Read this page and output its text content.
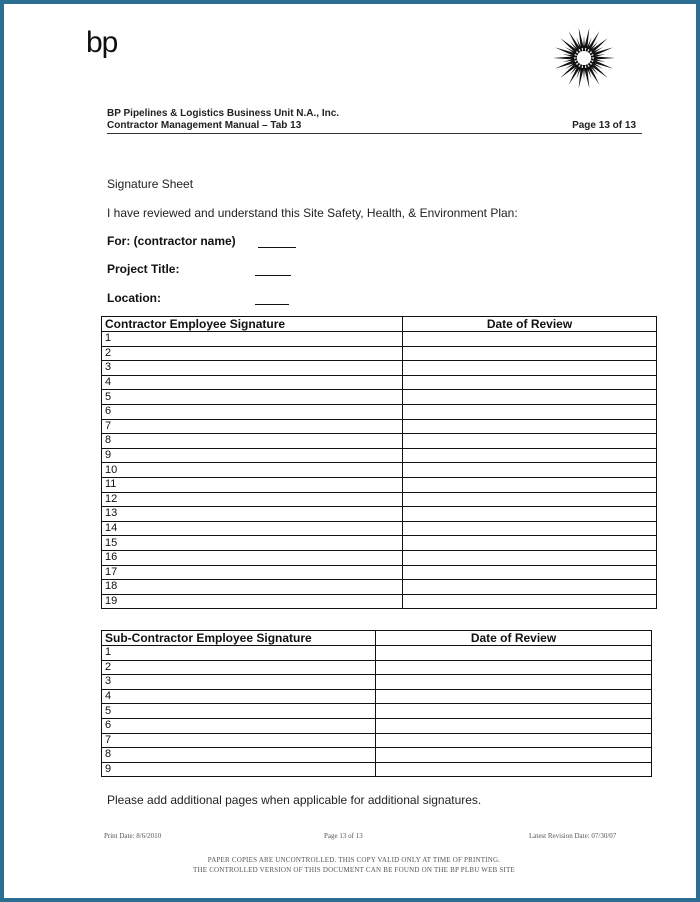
bp
BP Pipelines & Logistics Business Unit N.A., Inc.
Contractor Management Manual – Tab 13	Page 13 of 13
Signature Sheet
I have reviewed and understand this Site Safety, Health, & Environment Plan:
For: (contractor name)
Project Title:
Location:
Contractor Employee Signature	Date of Review
1	
2	
3	
4	
5	
6	
7	
8	
9	
10	
11	
12	
13	
14	
15	
16	
17	
18	
19	
Sub-Contractor Employee Signature	Date of Review
1	
2	
3	
4	
5	
6	
7	
8	
9	
Please add additional pages when applicable for additional signatures.
Print Date: 8/6/2010	Page 13 of 13	Latest Revision Date: 07/30/07
PAPER COPIES ARE UNCONTROLLED. THIS COPY VALID ONLY AT TIME OF PRINTING.
THE CONTROLLED VERSION OF THIS DOCUMENT CAN BE FOUND ON THE BP PLBU WEB SITE
